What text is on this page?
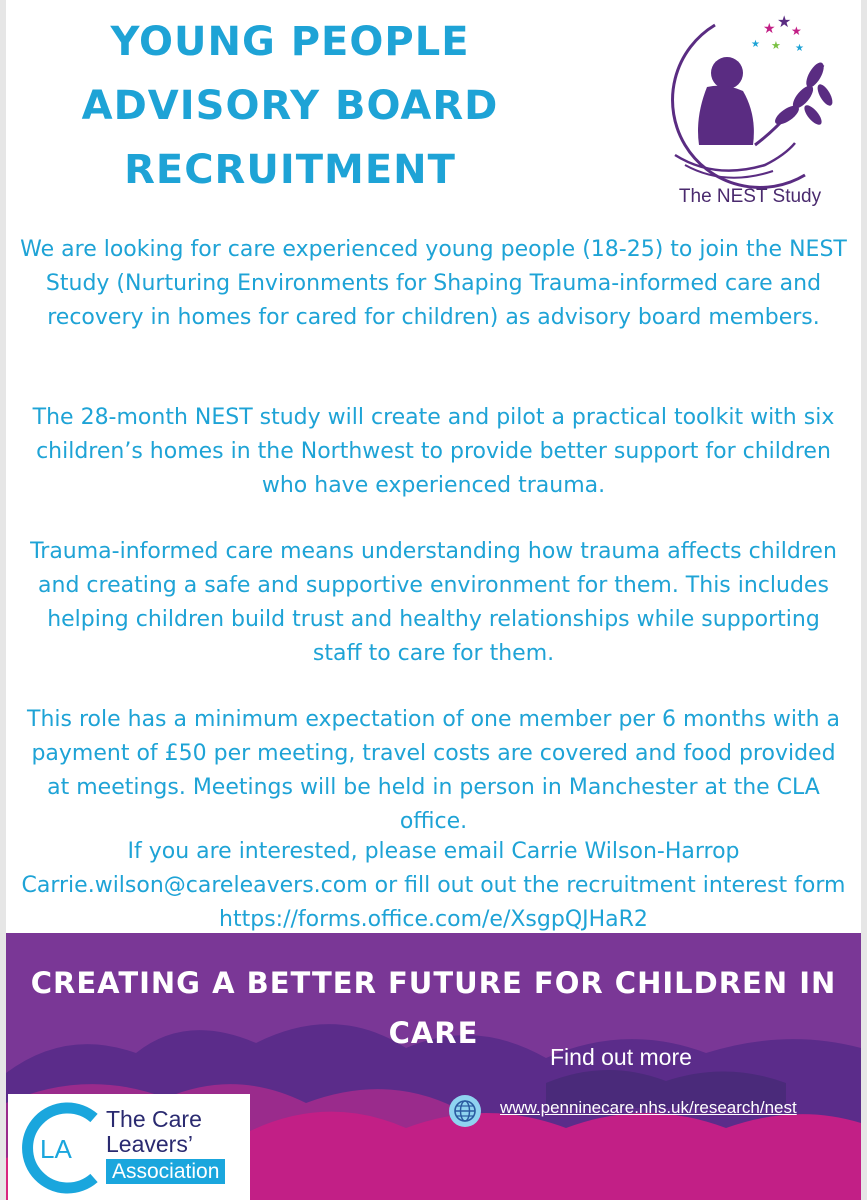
YOUNG PEOPLE
ADVISORY BOARD
RECRUITMENT
★ ★ ★
★ ★ ★
The NEST Study

We are looking for care experienced young people (18-25) to join the NEST Study (Nurturing Environments for Shaping Trauma-informed care and recovery in homes for cared for children) as advisory board members.

The 28-month NEST study will create and pilot a practical toolkit with six children’s homes in the Northwest to provide better support for children who have experienced trauma.

Trauma-informed care means understanding how trauma affects children and creating a safe and supportive environment for them. This includes helping children build trust and healthy relationships while supporting staff to care for them.

This role has a minimum expectation of one member per 6 months with a payment of £50 per meeting, travel costs are covered and food provided at meetings. Meetings will be held in person in Manchester at the CLA office.

If you are interested, please email Carrie Wilson-Harrop Carrie.wilson@careleavers.com or fill out out the recruitment interest form https://forms.office.com/e/XsgpQJHaR2

CREATING A BETTER FUTURE FOR CHILDREN IN CARE
Find out more
www.penninecare.nhs.uk/research/nest
LA
The Care
Leavers’
Association
